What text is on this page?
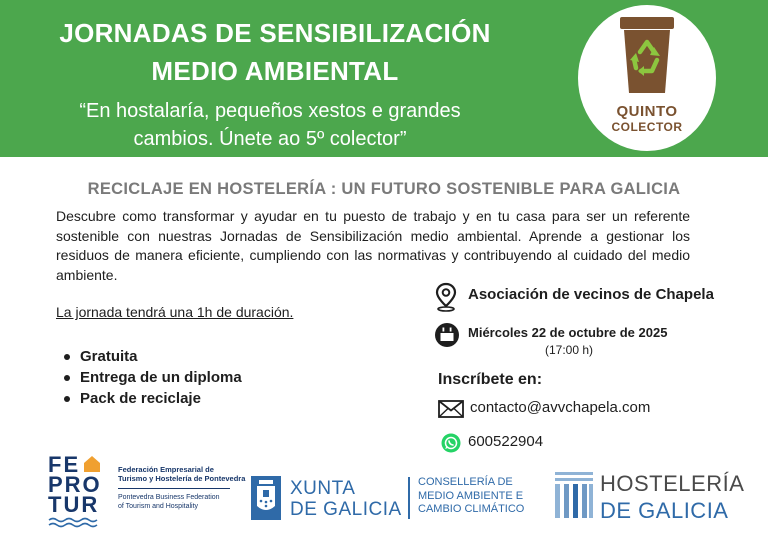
JORNADAS DE SENSIBILIZACIÓN
MEDIO AMBIENTAL
“En hostalaría, pequeños xestos e grandes
cambios. Únete ao 5º colector”
QUINTO
COLECTOR
RECICLAJE EN HOSTELERÍA : UN FUTURO SOSTENIBLE PARA GALICIA
Descubre como transformar y ayudar en tu puesto de trabajo y en tu casa para ser un referente sostenible con nuestras Jornadas de Sensibilización medio ambiental. Aprende a gestionar los residuos de manera eficiente, cumpliendo con las normativas y contribuyendo al cuidado del medio ambiente.
La jornada tendrá una 1h de duración.
Gratuita
Entrega de un diploma
Pack de reciclaje
Asociación de vecinos de Chapela
Miércoles 22 de octubre de 2025
(17:00 h)
Inscríbete en:
contacto@avvchapela.com
600522904
FE
PRO
TUR
Federación Empresarial de
Turismo y Hostelería de Pontevedra
Pontevedra Business Federation
of Tourism and Hospitality
XUNTA
DE GALICIA
CONSELLERÍA DE
MEDIO AMBIENTE E
CAMBIO CLIMÁTICO
HOSTELERÍA
DE GALICIA
